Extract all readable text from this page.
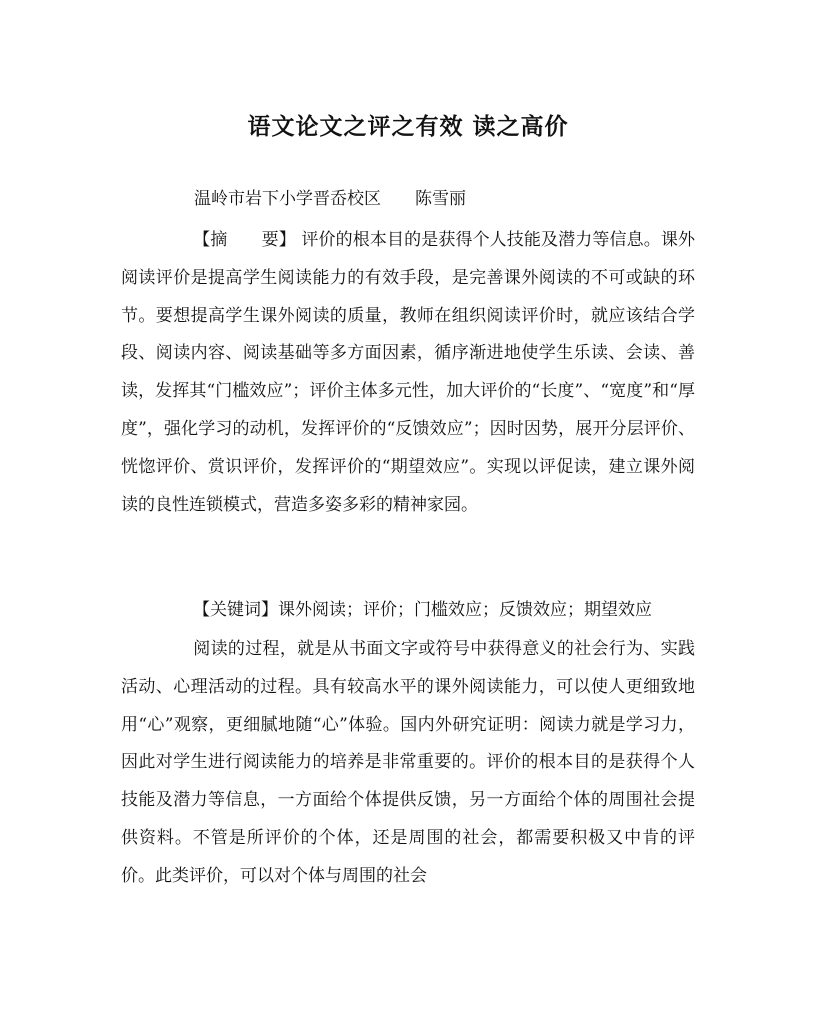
语文论文之评之有效 读之高价
温岭市岩下小学晋岙校区 陈雪丽
【摘　　要】 评价的根本目的是获得个人技能及潜力等信息。课外阅读评价是提高学生阅读能力的有效手段，是完善课外阅读的不可或缺的环节。要想提高学生课外阅读的质量，教师在组织阅读评价时，就应该结合学段、阅读内容、阅读基础等多方面因素，循序渐进地使学生乐读、会读、善读，发挥其“门槛效应”；评价主体多元性，加大评价的“长度”、“宽度”和“厚度”，强化学习的动机，发挥评价的“反馈效应”；因时因势，展开分层评价、恍惚评价、赏识评价，发挥评价的“期望效应”。实现以评促读，建立课外阅读的良性连锁模式，营造多姿多彩的精神家园。
【关键词】课外阅读；评价；门槛效应；反馈效应；期望效应
阅读的过程，就是从书面文字或符号中获得意义的社会行为、实践活动、心理活动的过程。具有较高水平的课外阅读能力，可以使人更细致地用“心”观察，更细腻地随“心”体验。国内外研究证明：阅读力就是学习力，因此对学生进行阅读能力的培养是非常重要的。评价的根本目的是获得个人技能及潜力等信息，一方面给个体提供反馈，另一方面给个体的周围社会提供资料。不管是所评价的个体，还是周围的社会，都需要积极又中肯的评价。此类评价，可以对个体与周围的社会
